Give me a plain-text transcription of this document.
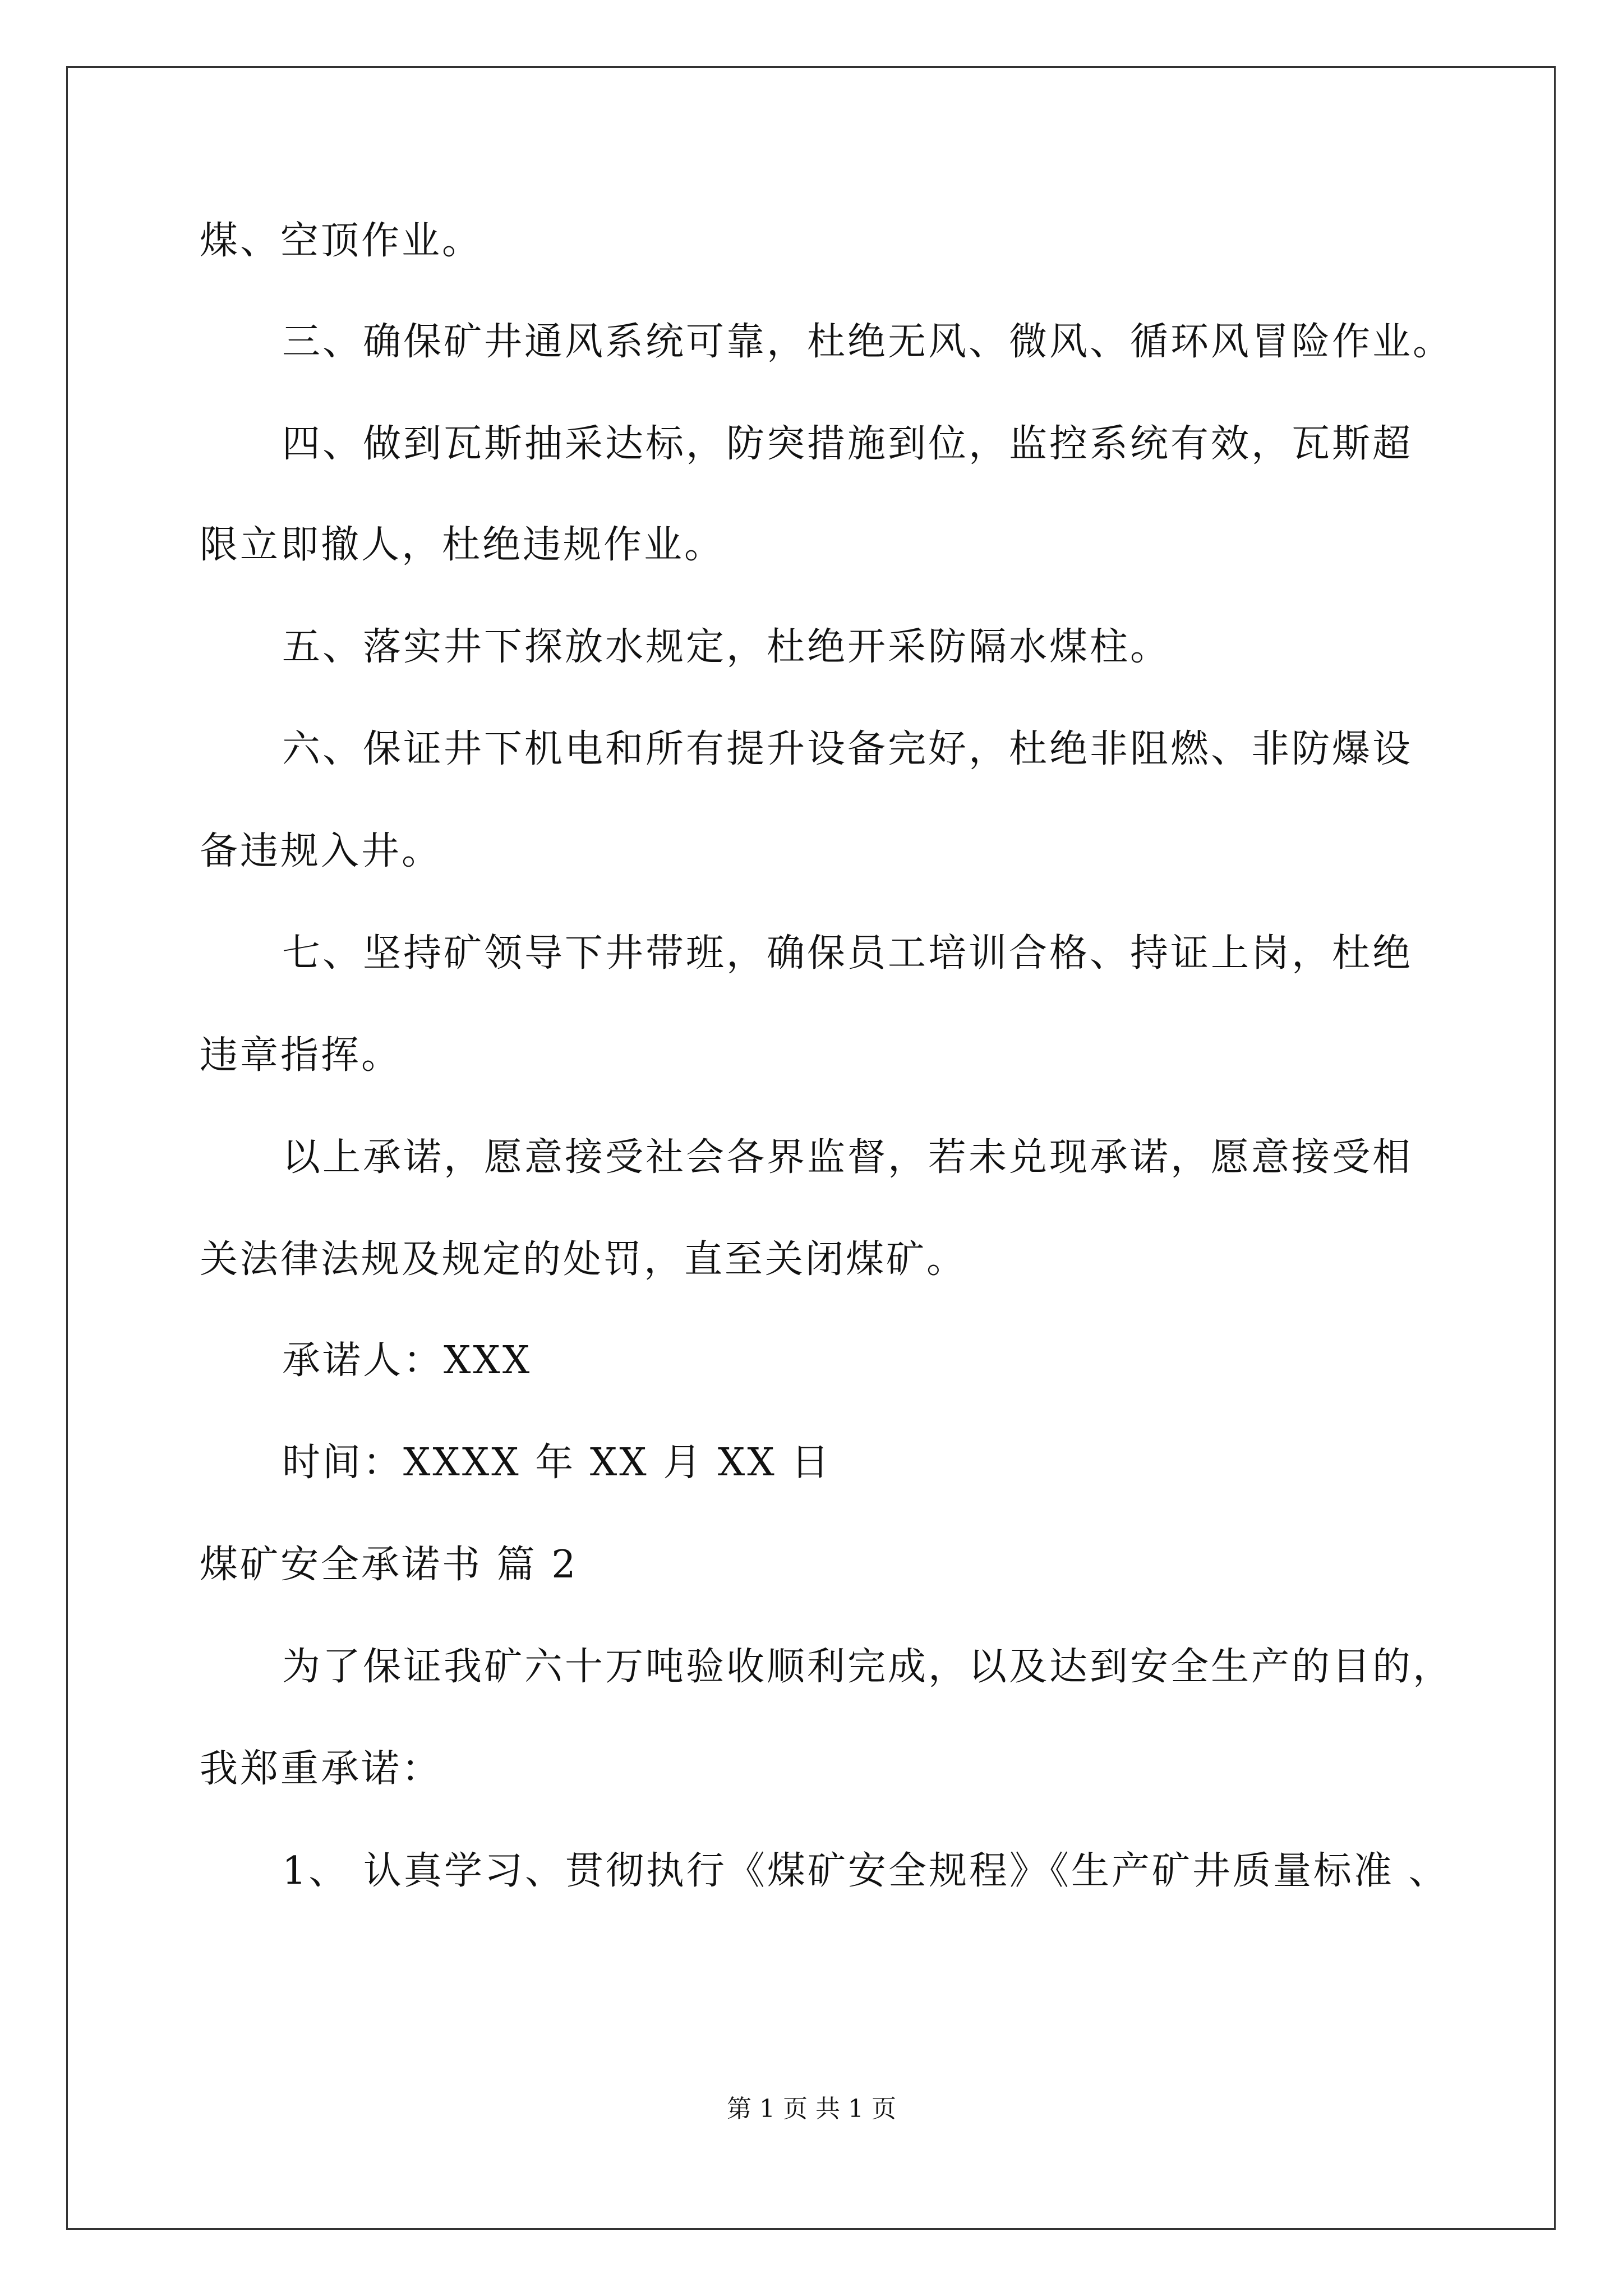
煤、空顶作业。
三、确保矿井通风系统可靠，杜绝无风、微风、循环风冒险作业。
四、做到瓦斯抽采达标，防突措施到位，监控系统有效，瓦斯超
限立即撤人，杜绝违规作业。
五、落实井下探放水规定，杜绝开采防隔水煤柱。
六、保证井下机电和所有提升设备完好，杜绝非阻燃、非防爆设
备违规入井。
七、坚持矿领导下井带班，确保员工培训合格、持证上岗，杜绝
违章指挥。
以上承诺，愿意接受社会各界监督，若未兑现承诺，愿意接受相
关法律法规及规定的处罚，直至关闭煤矿。
承诺人：XXX
时间：XXXX 年 XX 月 XX 日
煤矿安全承诺书 篇 2
为了保证我矿六十万吨验收顺利完成，以及达到安全生产的目的，
我郑重承诺：
1、 认真学习、贯彻执行《煤矿安全规程》《生产矿井质量标准 、
第 1 页 共 1 页
